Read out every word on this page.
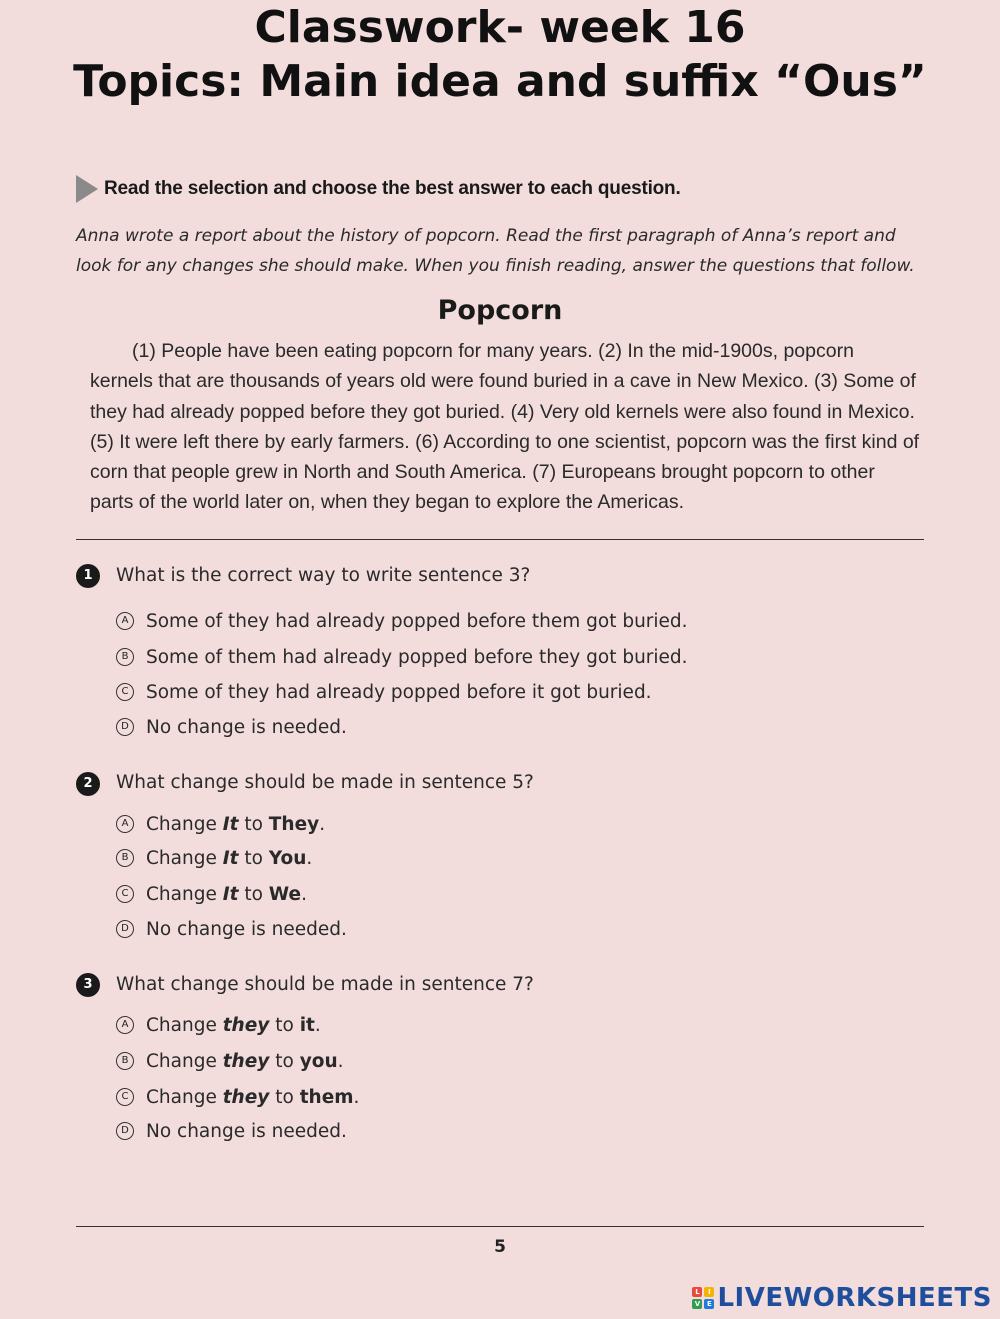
Classwork- week 16
Topics: Main idea and suffix “Ous”
Read the selection and choose the best answer to each question.
Anna wrote a report about the history of popcorn. Read the first paragraph of Anna’s report and look for any changes she should make. When you finish reading, answer the questions that follow.
Popcorn

(1) People have been eating popcorn for many years. (2) In the mid-1900s, popcorn kernels that are thousands of years old were found buried in a cave in New Mexico. (3) Some of they had already popped before they got buried. (4) Very old kernels were also found in Mexico. (5) It were left there by early farmers. (6) According to one scientist, popcorn was the first kind of corn that people grew in North and South America. (7) Europeans brought popcorn to other parts of the world later on, when they began to explore the Americas.

1	What is the correct way to write sentence 3?
A Some of they had already popped before them got buried.
B Some of them had already popped before they got buried.
C Some of they had already popped before it got buried.
D No change is needed.
2	What change should be made in sentence 5?
A Change It to They.
B Change It to You.
C Change It to We.
D No change is needed.
3	What change should be made in sentence 7?
A Change they to it.
B Change they to you.
C Change they to them.
D No change is needed.
5
L	I
V E LIVEWORKSHEETS
